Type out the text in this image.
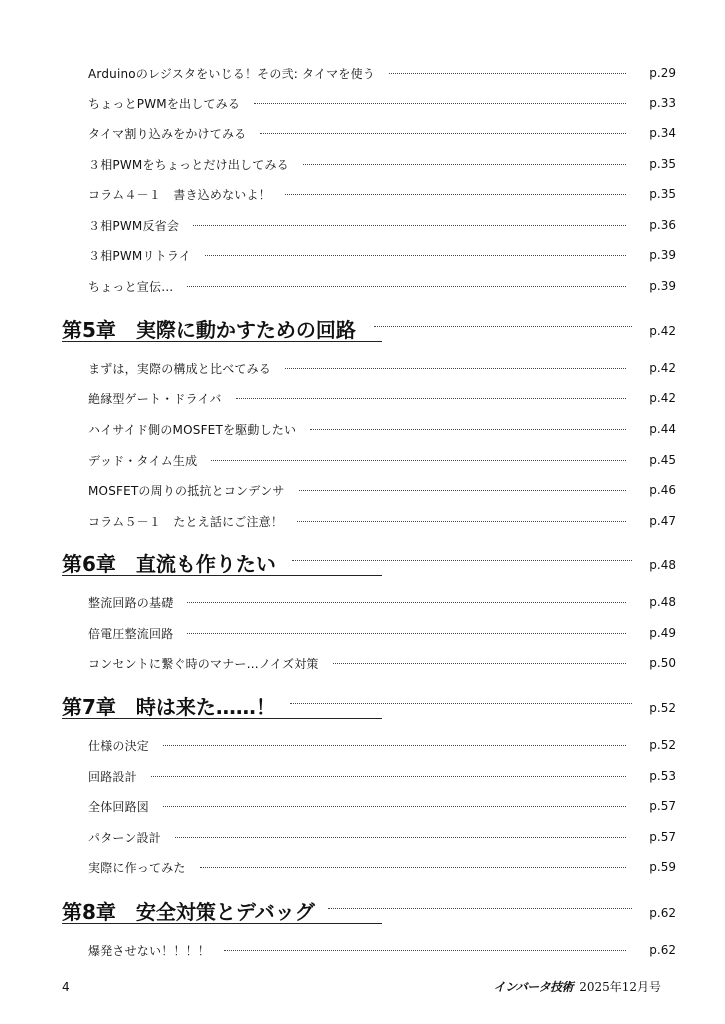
Arduinoのレジスタをいじる！その弐: タイマを使う	p.29
ちょっとPWMを出してみる	p.33
タイマ割り込みをかけてみる	p.34
３相PWMをちょっとだけ出してみる	p.35
コラム４－１　書き込めないよ！	p.35
３相PWM反省会	p.36
３相PWMリトライ	p.39
ちょっと宣伝…	p.39
第5章　実際に動かすための回路	p.42
まずは，実際の構成と比べてみる	p.42
絶縁型ゲート・ドライバ	p.42
ハイサイド側のMOSFETを駆動したい	p.44
デッド・タイム生成	p.45
MOSFETの周りの抵抗とコンデンサ	p.46
コラム５－１　たとえ話にご注意！	p.47
第6章　直流も作りたい	p.48
整流回路の基礎	p.48
倍電圧整流回路	p.49
コンセントに繋ぐ時のマナー…ノイズ対策	p.50
第7章　時は来た……！	p.52
仕様の決定	p.52
回路設計	p.53
全体回路図	p.57
パターン設計	p.57
実際に作ってみた	p.59
第8章　安全対策とデバッグ	p.62
爆発させない！！！！	p.62
4	インバータ技術 2025年12月号
